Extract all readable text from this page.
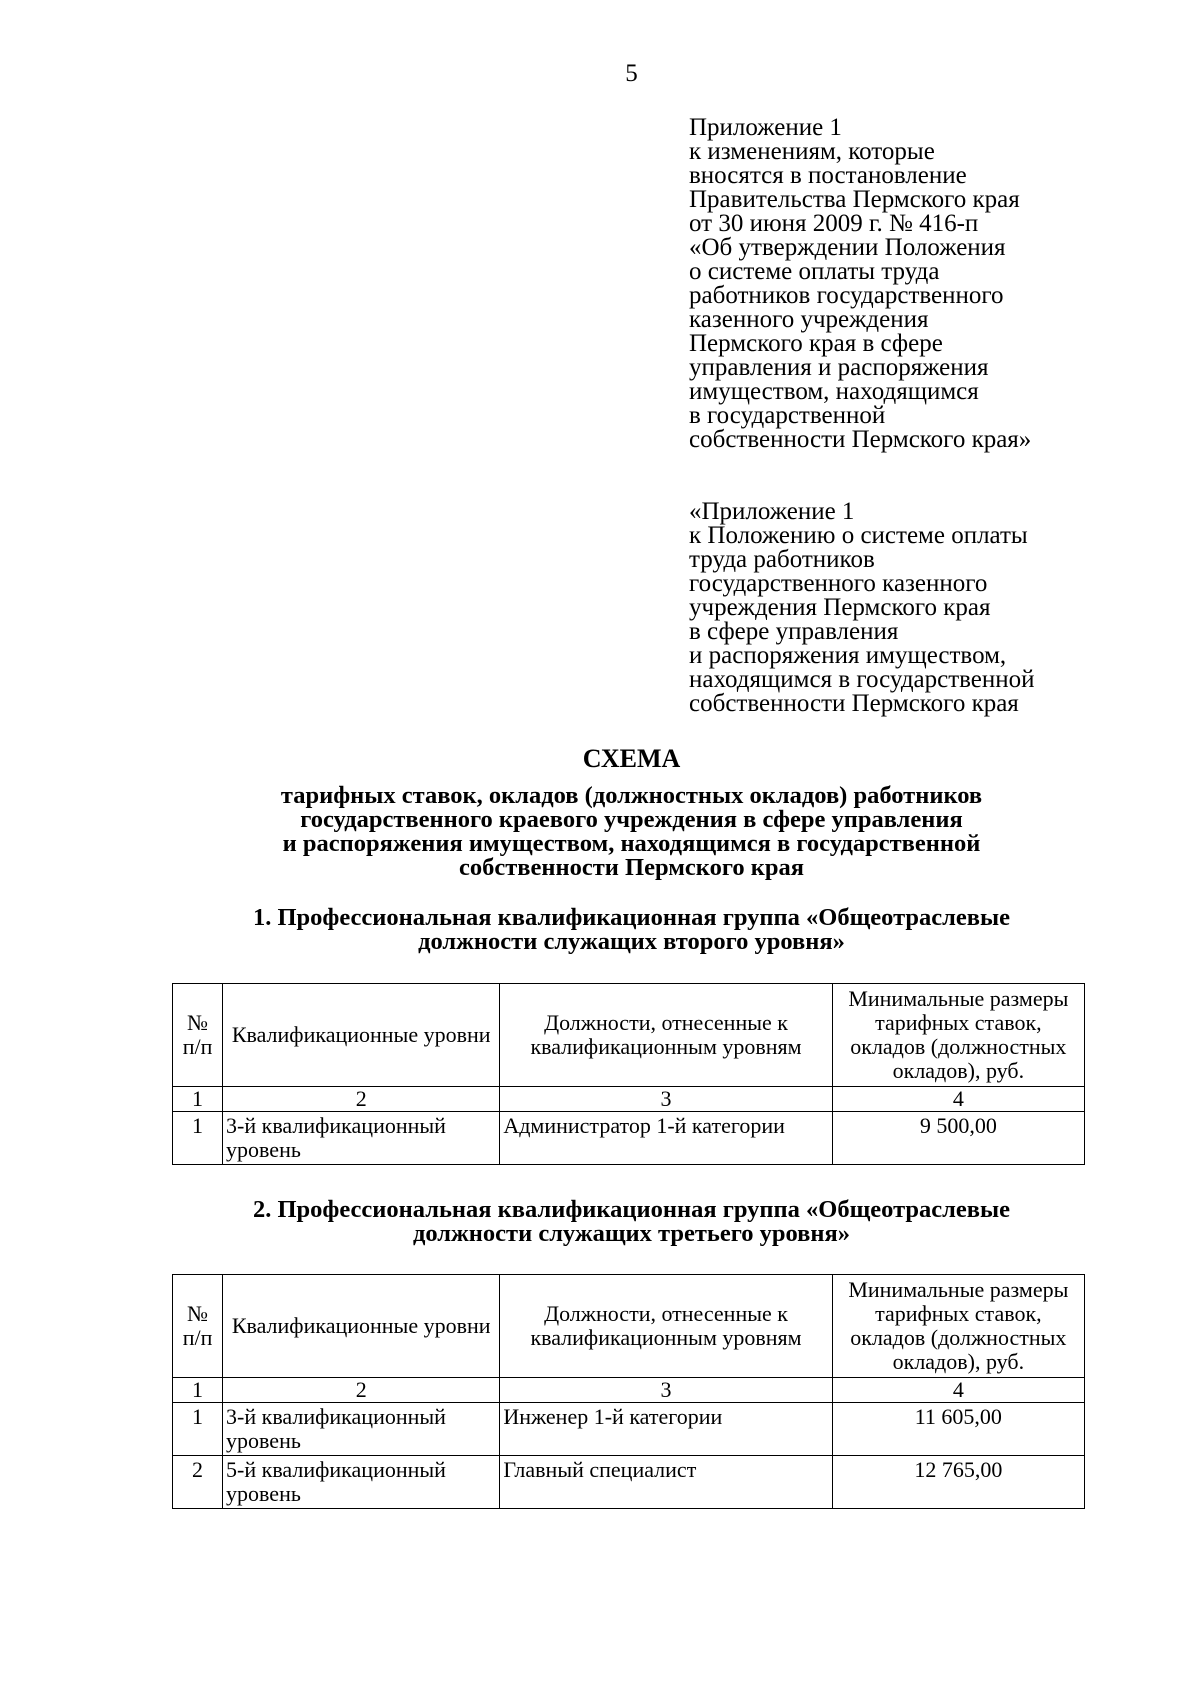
5
Приложение 1
к изменениям, которые
вносятся в постановление
Правительства Пермского края
от 30 июня 2009 г. № 416-п
«Об утверждении Положения
о системе оплаты труда
работников государственного
казенного учреждения
Пермского края в сфере
управления и распоряжения
имуществом, находящимся
в государственной
собственности Пермского края»
«Приложение 1
к Положению о системе оплаты
труда работников
государственного казенного
учреждения Пермского края
в сфере управления
и распоряжения имуществом,
находящимся в государственной
собственности Пермского края
СХЕМА
тарифных ставок, окладов (должностных окладов) работников
государственного краевого учреждения в сфере управления
и распоряжения имуществом, находящимся в государственной
собственности Пермского края
1. Профессиональная квалификационная группа «Общеотраслевые
должности служащих второго уровня»
№ п/п	Квалификационные уровни	Должности, отнесенные к квалификационным уровням	Минимальные размеры тарифных ставок, окладов (должностных окладов), руб.
1	2	3	4
1	3-й квалификационный уровень	Администратор 1-й категории	9 500,00
2. Профессиональная квалификационная группа «Общеотраслевые
должности служащих третьего уровня»
№ п/п	Квалификационные уровни	Должности, отнесенные к квалификационным уровням	Минимальные размеры тарифных ставок, окладов (должностных окладов), руб.
1	2	3	4
1	3-й квалификационный уровень	Инженер 1-й категории	11 605,00
2	5-й квалификационный уровень	Главный специалист	12 765,00
